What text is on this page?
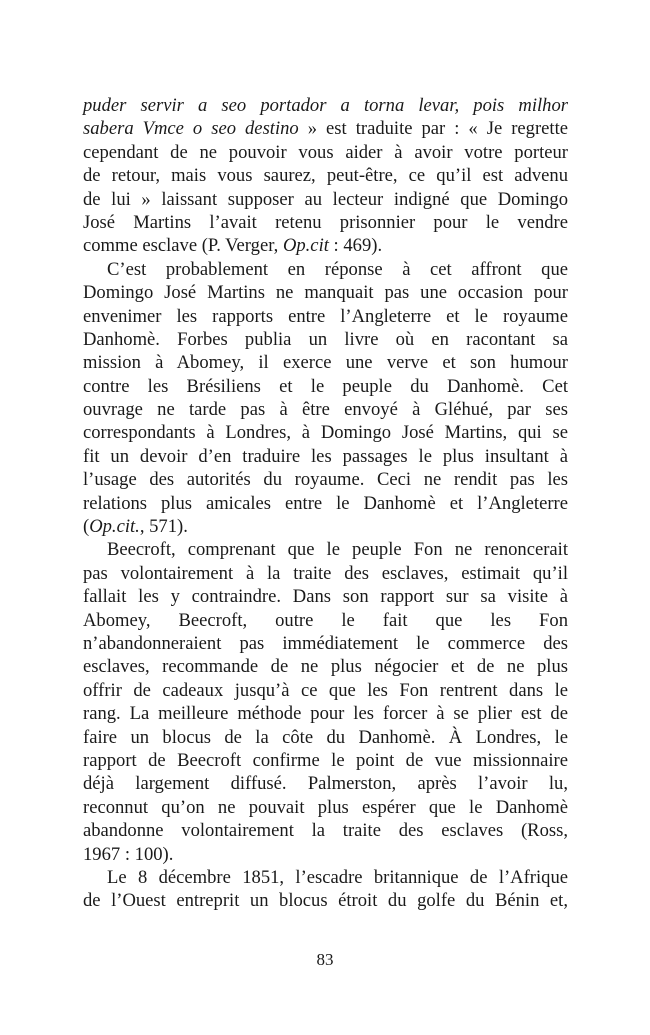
puder servir a seo portador a torna levar, pois milhor
sabera Vmce o seo destino » est traduite par : « Je regrette
cependant de ne pouvoir vous aider à avoir votre porteur
de retour, mais vous saurez, peut-être, ce qu’il est advenu
de lui » laissant supposer au lecteur indigné que Domingo
José Martins l’avait retenu prisonnier pour le vendre
comme esclave (P. Verger, Op.cit : 469).
C’est probablement en réponse à cet affront que
Domingo José Martins ne manquait pas une occasion pour
envenimer les rapports entre l’Angleterre et le royaume
Danhomè. Forbes publia un livre où en racontant sa
mission à Abomey, il exerce une verve et son humour
contre les Brésiliens et le peuple du Danhomè. Cet
ouvrage ne tarde pas à être envoyé à Gléhué, par ses
correspondants à Londres, à Domingo José Martins, qui se
fit un devoir d’en traduire les passages le plus insultant à
l’usage des autorités du royaume. Ceci ne rendit pas les
relations plus amicales entre le Danhomè et l’Angleterre
(Op.cit., 571).
Beecroft, comprenant que le peuple Fon ne renoncerait
pas volontairement à la traite des esclaves, estimait qu’il
fallait les y contraindre. Dans son rapport sur sa visite à
Abomey, Beecroft, outre le fait que les Fon
n’abandonneraient pas immédiatement le commerce des
esclaves, recommande de ne plus négocier et de ne plus
offrir de cadeaux jusqu’à ce que les Fon rentrent dans le
rang. La meilleure méthode pour les forcer à se plier est de
faire un blocus de la côte du Danhomè. À Londres, le
rapport de Beecroft confirme le point de vue missionnaire
déjà largement diffusé. Palmerston, après l’avoir lu,
reconnut qu’on ne pouvait plus espérer que le Danhomè
abandonne volontairement la traite des esclaves (Ross,
1967 : 100).
Le 8 décembre 1851, l’escadre britannique de l’Afrique
de l’Ouest entreprit un blocus étroit du golfe du Bénin et,
83
